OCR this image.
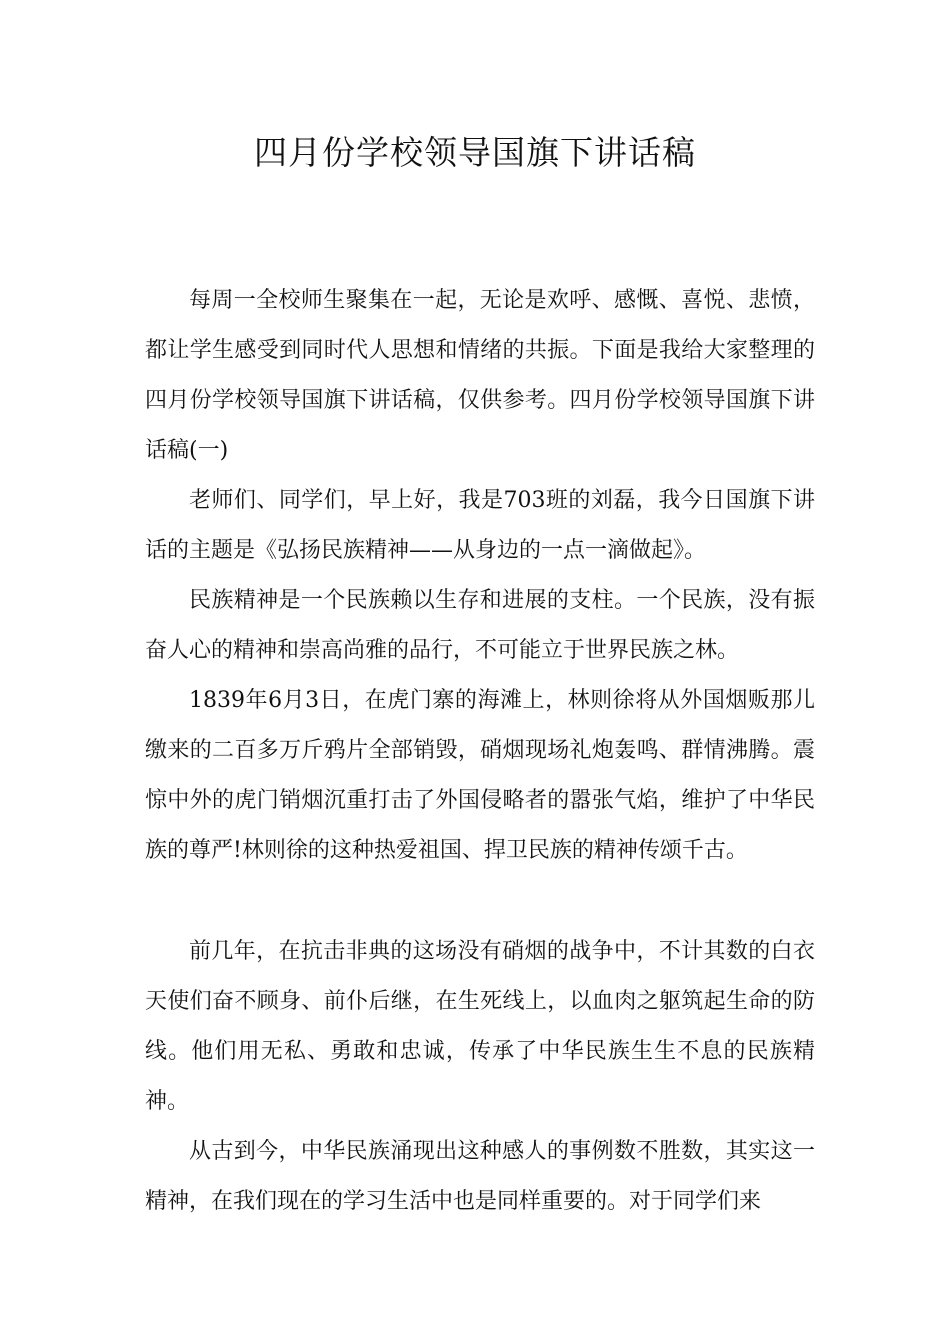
四月份学校领导国旗下讲话稿

每周一全校师生聚集在一起，无论是欢呼、感慨、喜悦、悲愤，都让学生感受到同时代人思想和情绪的共振。下面是我给大家整理的四月份学校领导国旗下讲话稿，仅供参考。四月份学校领导国旗下讲话稿(一)

老师们、同学们，早上好，我是703班的刘磊，我今日国旗下讲话的主题是《弘扬民族精神——从身边的一点一滴做起》。

民族精神是一个民族赖以生存和进展的支柱。一个民族，没有振奋人心的精神和崇高尚雅的品行，不可能立于世界民族之林。

1839年6月3日，在虎门寨的海滩上，林则徐将从外国烟贩那儿缴来的二百多万斤鸦片全部销毁，硝烟现场礼炮轰鸣、群情沸腾。震惊中外的虎门销烟沉重打击了外国侵略者的嚣张气焰，维护了中华民族的尊严!林则徐的这种热爱祖国、捍卫民族的精神传颂千古。

前几年，在抗击非典的这场没有硝烟的战争中，不计其数的白衣天使们奋不顾身、前仆后继，在生死线上，以血肉之躯筑起生命的防线。他们用无私、勇敢和忠诚，传承了中华民族生生不息的民族精神。

从古到今，中华民族涌现出这种感人的事例数不胜数，其实这一精神，在我们现在的学习生活中也是同样重要的。对于同学们来
